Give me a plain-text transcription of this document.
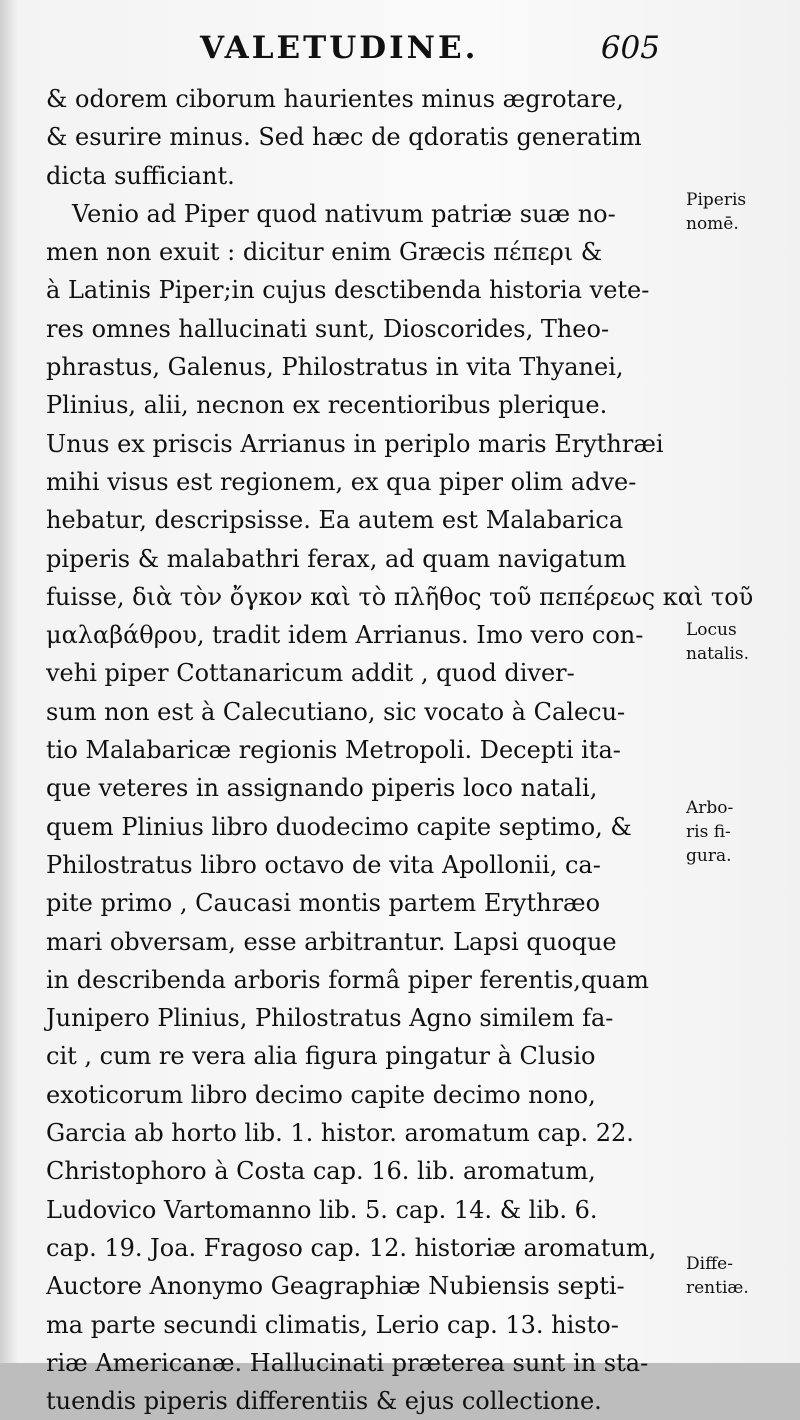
VALETUDINE.	605
& odorem ciborum haurientes minus ægrotare,
& esurire minus. Sed hæc de qdoratis generatim
dicta sufficiant.
Venio ad Piper quod nativum patriæ suæ no-
men non exuit : dicitur enim Græcis πέπερι &
à Latinis Piper;in cujus desctibenda historia vete-
res omnes hallucinati sunt, Dioscorides, Theo-
phrastus, Galenus, Philostratus in vita Thyanei,
Plinius, alii, necnon ex recentioribus plerique.
Unus ex priscis Arrianus in periplo maris Erythræi
mihi visus est regionem, ex qua piper olim adve-
hebatur, descripsisse. Ea autem est Malabarica
piperis & malabathri ferax, ad quam navigatum
fuisse, διὰ τὸν ὄγκον καὶ τὸ πλῆθος τοῦ πεπέρεως καὶ τοῦ
μαλαβάθρου, tradit idem Arrianus. Imo vero con-
vehi piper Cottanaricum addit , quod diver-
sum non est à Calecutiano, sic vocato à Calecu-
tio Malabaricæ regionis Metropoli. Decepti ita-
que veteres in assignando piperis loco natali,
quem Plinius libro duodecimo capite septimo, &
Philostratus libro octavo de vita Apollonii, ca-
pite primo , Caucasi montis partem Erythræo
mari obversam, esse arbitrantur. Lapsi quoque
in describenda arboris formâ piper ferentis,quam
Junipero Plinius, Philostratus Agno similem fa-
cit , cum re vera alia figura pingatur à Clusio
exoticorum libro decimo capite decimo nono,
Garcia ab horto lib. 1. histor. aromatum cap. 22.
Christophoro à Costa cap. 16. lib. aromatum,
Ludovico Vartomanno lib. 5. cap. 14. & lib. 6.
cap. 19. Joa. Fragoso cap. 12. historiæ aromatum,
Auctore Anonymo Geagraphiæ Nubiensis septi-
ma parte secundi climatis, Lerio cap. 13. histo-
riæ Americanæ. Hallucinati præterea sunt in sta-
tuendis piperis differentiis & ejus collectione.
Piperis
nomē.
Locus
natalis.
Arbo-
ris fi-
gura.
Diffe-
rentiæ.
